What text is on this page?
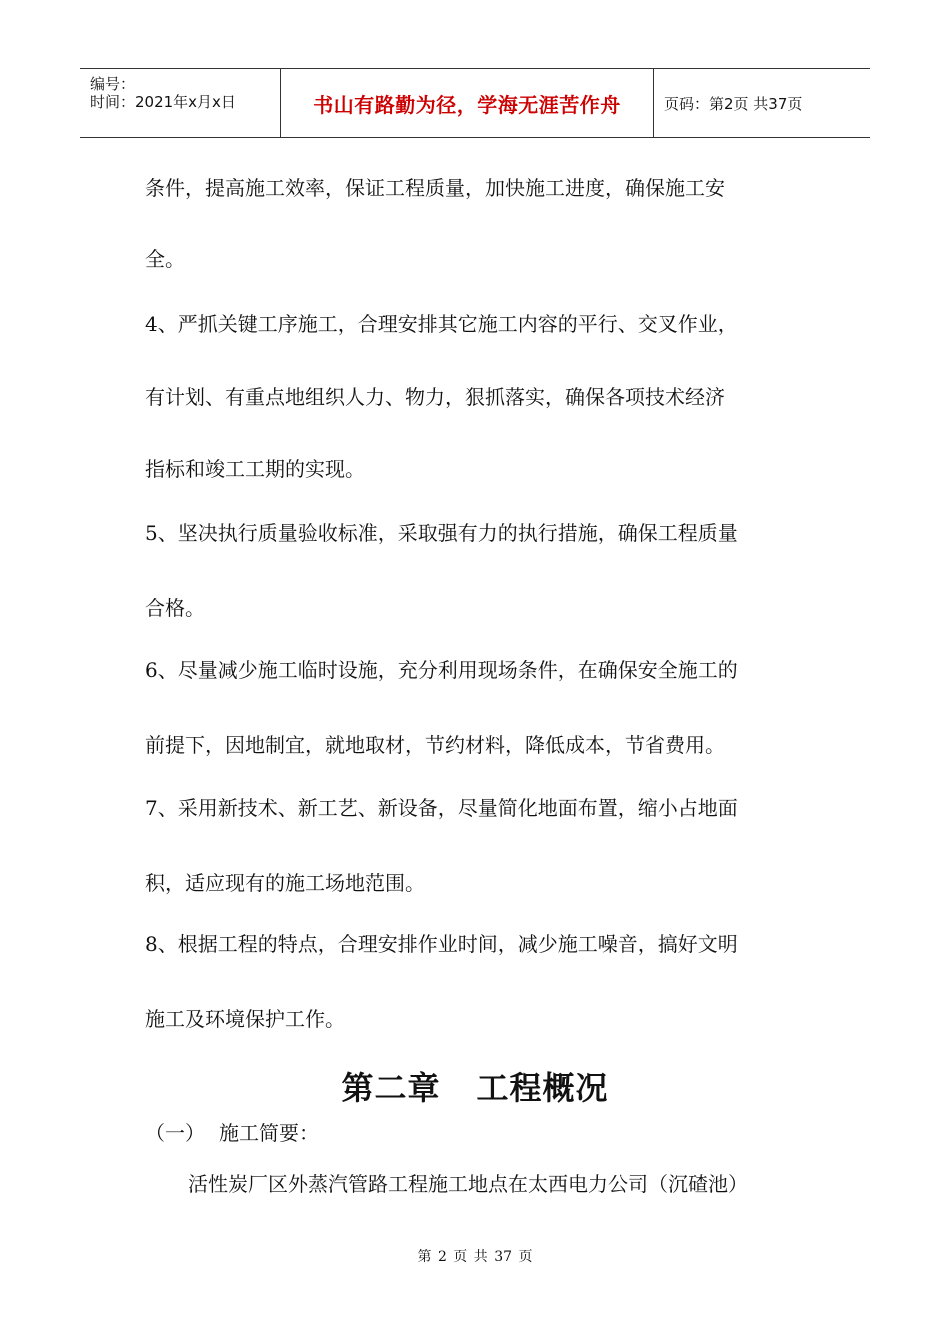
编号：
时间：2021年x月x日	书山有路勤为径，学海无涯苦作舟	页码：第2页 共37页
条件，提高施工效率，保证工程质量，加快施工进度，确保施工安
全。
4、严抓关键工序施工，合理安排其它施工内容的平行、交叉作业，
有计划、有重点地组织人力、物力，狠抓落实，确保各项技术经济
指标和竣工工期的实现。
5、坚决执行质量验收标准，采取强有力的执行措施，确保工程质量
合格。
6、尽量减少施工临时设施，充分利用现场条件，在确保安全施工的
前提下，因地制宜，就地取材，节约材料，降低成本，节省费用。
7、采用新技术、新工艺、新设备，尽量简化地面布置，缩小占地面
积，适应现有的施工场地范围。
8、根据工程的特点，合理安排作业时间，减少施工噪音，搞好文明
施工及环境保护工作。
第二章 工程概况
（一） 施工简要：
活性炭厂区外蒸汽管路工程施工地点在太西电力公司（沉碴池）
第 2 页 共 37 页
